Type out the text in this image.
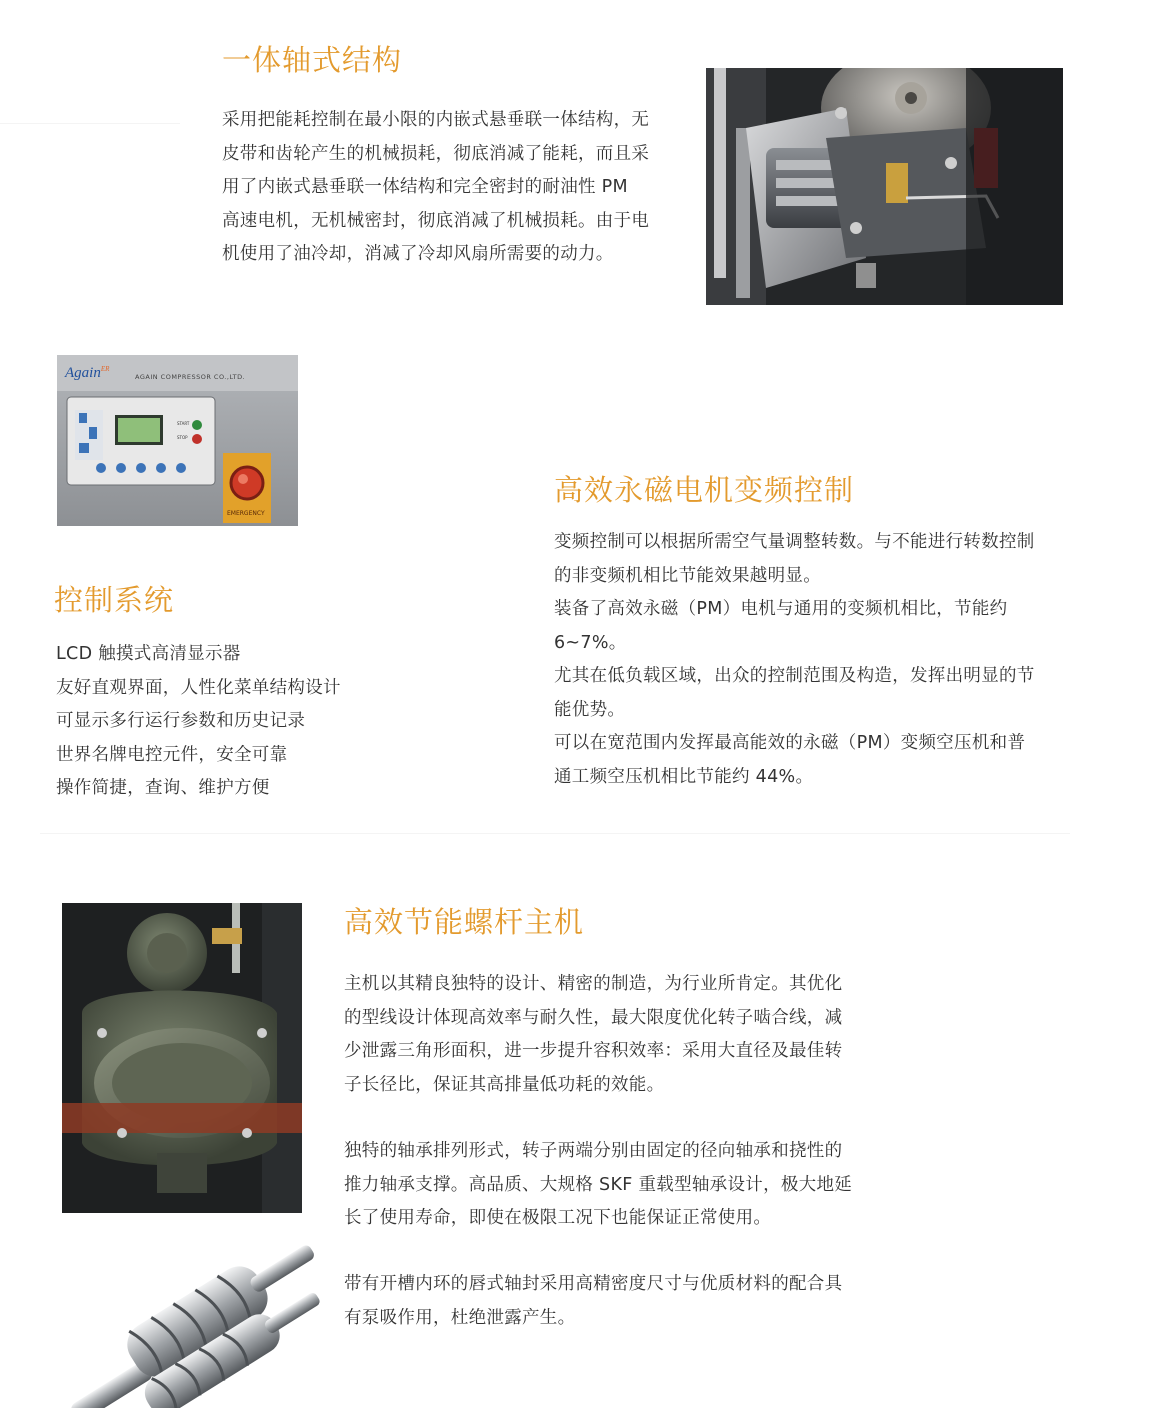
一体轴式结构

采用把能耗控制在最小限的内嵌式悬垂联一体结构，无

皮带和齿轮产生的机械损耗，彻底消减了能耗，而且采

用了内嵌式悬垂联一体结构和完全密封的耐油性 PM

高速电机，无机械密封，彻底消减了机械损耗。由于电

机使用了油冷却，消减了冷却风扇所需要的动力。

Again$^{ER}$
AGAIN COMPRESSOR CO.,LTD.
START
STOP
EMERGENCY
高效永磁电机变频控制

变频控制可以根据所需空气量调整转数。与不能进行转数控制

的非变频机相比节能效果越明显。

装备了高效永磁（PM）电机与通用的变频机相比，节能约

6~7%。

尤其在低负载区域，出众的控制范围及构造，发挥出明显的节

能优势。

可以在宽范围内发挥最高能效的永磁（PM）变频空压机和普

通工频空压机相比节能约 44%。

控制系统
LCD 触摸式高清显示器
友好直观界面，人性化菜单结构设计
可显示多行运行参数和历史记录
世界名牌电控元件，安全可靠
操作简捷，查询、维护方便
高效节能螺杆主机

主机以其精良独特的设计、精密的制造，为行业所肯定。其优化

的型线设计体现高效率与耐久性，最大限度优化转子啮合线，减

少泄露三角形面积，进一步提升容积效率：采用大直径及最佳转

子长径比，保证其高排量低功耗的效能。

独特的轴承排列形式，转子两端分别由固定的径向轴承和挠性的

推力轴承支撑。高品质、大规格 SKF 重载型轴承设计，极大地延

长了使用寿命，即使在极限工况下也能保证正常使用。

带有开槽内环的唇式轴封采用高精密度尺寸与优质材料的配合具

有泵吸作用，杜绝泄露产生。
